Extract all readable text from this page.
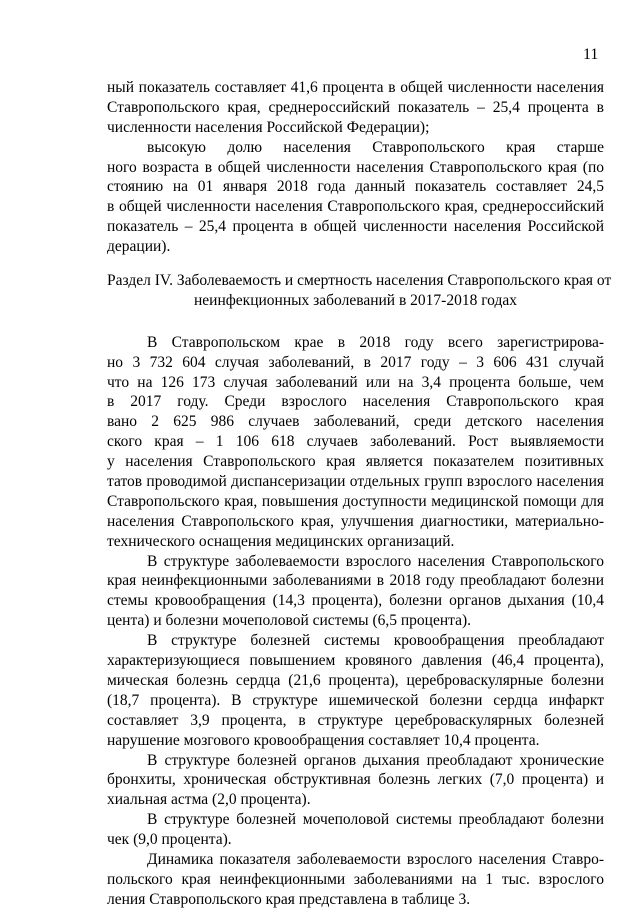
11
ный показатель составляет 41,6 процента в общей численности населения
Ставропольского края, среднероссийский показатель – 25,4 процента в
численности населения Российской Федерации);
высокую долю населения Ставропольского края старше
ного возраста в общей численности населения Ставропольского края (по
стоянию на 01 января 2018 года данный показатель составляет 24,5
в общей численности населения Ставропольского края, среднероссийский
показатель – 25,4 процента в общей численности населения Российской
дерации).
Раздел IV. Заболеваемость и смертность населения Ставропольского края от
неинфекционных заболеваний в 2017-2018 годах
В Ставропольском крае в 2018 году всего зарегистрирова-
но 3 732 604 случая заболеваний, в 2017 году – 3 606 431 случай
что на 126 173 случая заболеваний или на 3,4 процента больше, чем
в 2017 году. Среди взрослого населения Ставропольского края
вано 2 625 986 случаев заболеваний, среди детского населения
ского края – 1 106 618 случаев заболеваний. Рост выявляемости
у населения Ставропольского края является показателем позитивных
татов проводимой диспансеризации отдельных групп взрослого населения
Ставропольского края, повышения доступности медицинской помощи для
населения Ставропольского края, улучшения диагностики, материально-
технического оснащения медицинских организаций.
В структуре заболеваемости взрослого населения Ставропольского
края неинфекционными заболеваниями в 2018 году преобладают болезни
стемы кровообращения (14,3 процента), болезни органов дыхания (10,4
цента) и болезни мочеполовой системы (6,5 процента).
В структуре болезней системы кровообращения преобладают
характеризующиеся повышением кровяного давления (46,4 процента),
мическая болезнь сердца (21,6 процента), цереброваскулярные болезни
(18,7 процента). В структуре ишемической болезни сердца инфаркт
составляет 3,9 процента, в структуре цереброваскулярных болезней
нарушение мозгового кровообращения составляет 10,4 процента.
В структуре болезней органов дыхания преобладают хронические
бронхиты, хроническая обструктивная болезнь легких (7,0 процента) и
хиальная астма (2,0 процента).
В структуре болезней мочеполовой системы преобладают болезни
чек (9,0 процента).
Динамика показателя заболеваемости взрослого населения Ставро-
польского края неинфекционными заболеваниями на 1 тыс. взрослого
ления Ставропольского края представлена в таблице 3.
